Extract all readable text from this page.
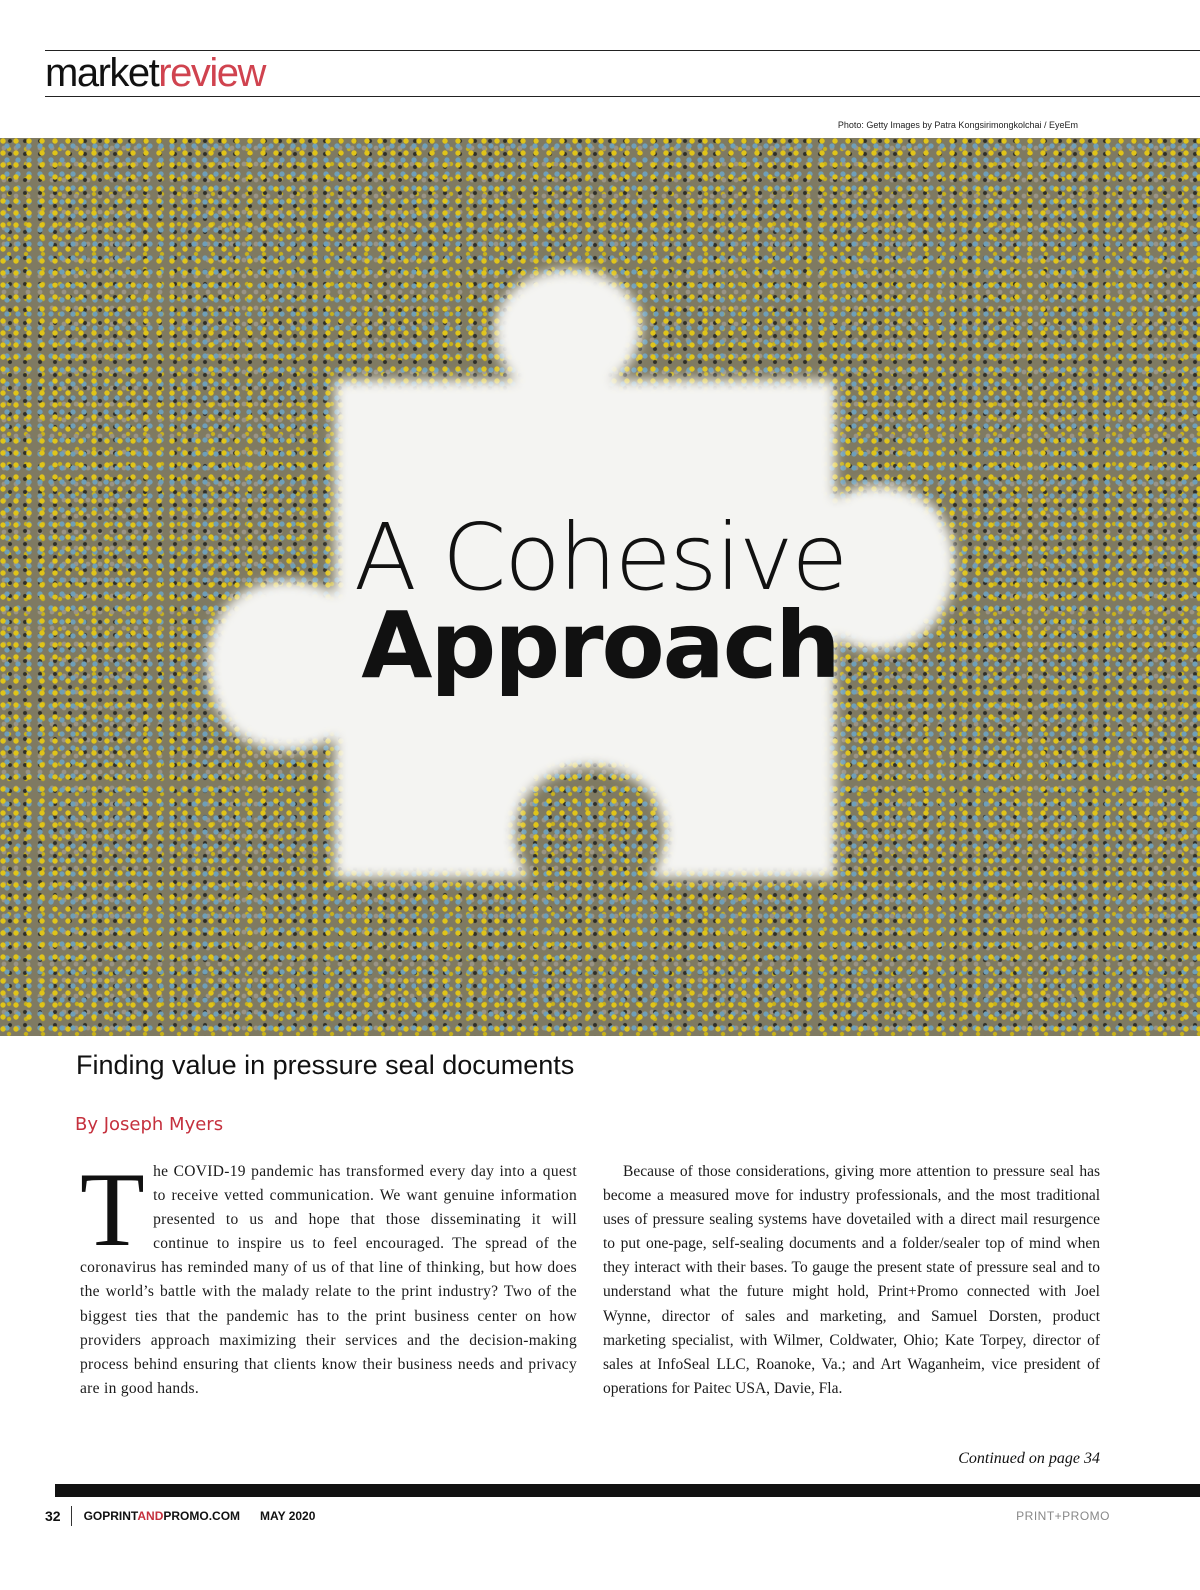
marketreview
Photo: Getty Images by Patra Kongsirimongkolchai / EyeEm
A Cohesive
Approach
Finding value in pressure seal documents
By Joseph Myers

The COVID-19 pandemic has transformed every day into a quest to receive vetted communication. We want genuine information presented to us and hope that those disseminating it will continue to inspire us to feel encouraged. The spread of the coronavirus has reminded many of us of that line of thinking, but how does the world’s battle with the malady relate to the print industry? Two of the biggest ties that the pandemic has to the print business center on how providers approach maximizing their services and the decision-making process behind ensuring that clients know their business needs and privacy are in good hands.

Because of those considerations, giving more attention to pressure seal has become a measured move for industry professionals, and the most traditional uses of pressure sealing systems have dovetailed with a direct mail resurgence to put one-page, self-sealing documents and a folder/sealer top of mind when they interact with their bases. To gauge the present state of pressure seal and to understand what the future might hold, Print+Promo connected with Joel Wynne, director of sales and marketing, and Samuel Dorsten, product marketing specialist, with Wilmer, Coldwater, Ohio; Kate Torpey, director of sales at InfoSeal LLC, Roanoke, Va.; and Art Waganheim, vice president of operations for Paitec USA, Davie, Fla.

Continued on page 34
32 GOPRINTANDPROMO.COM MAY 2020	PRINT+PROMO
